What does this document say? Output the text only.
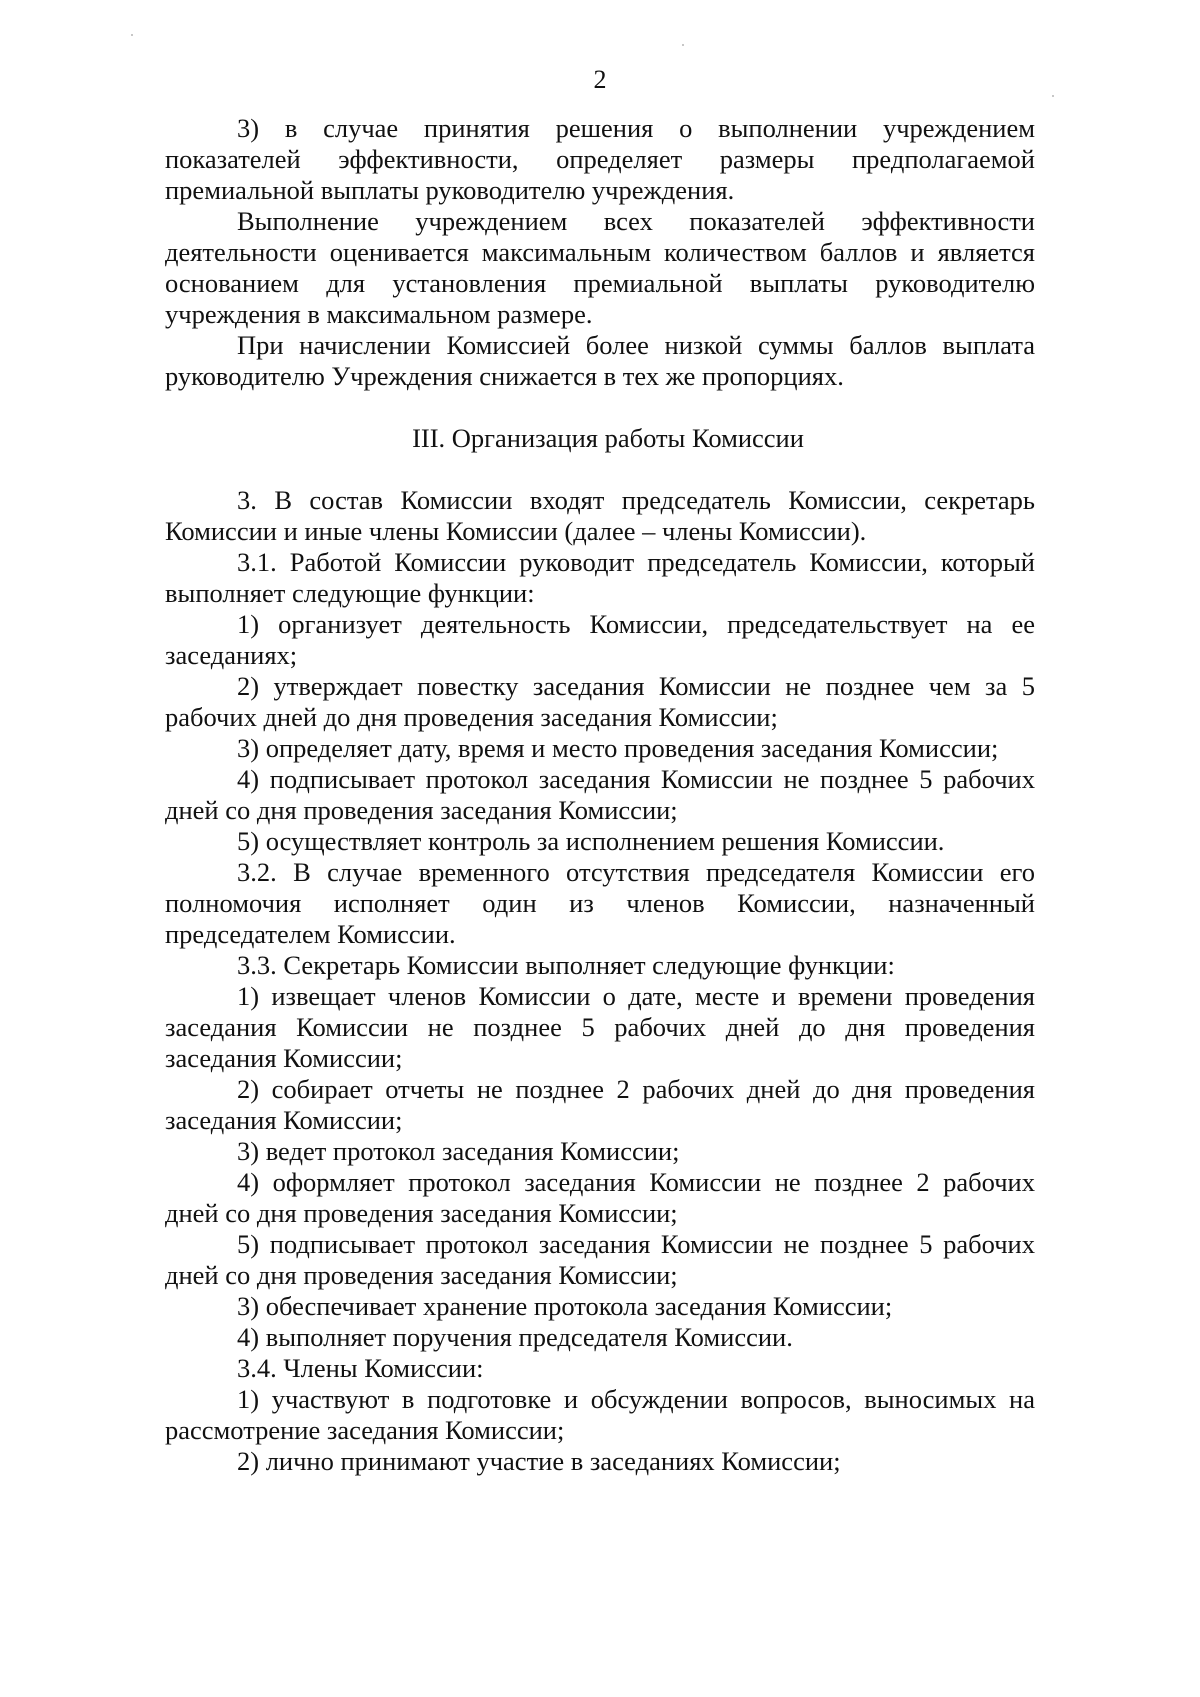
2

3) в случае принятия решения о выполнении учреждением показателей эффективности, определяет размеры предполагаемой премиальной выплаты руководителю учреждения.

Выполнение учреждением всех показателей эффективности деятельности оценивается максимальным количеством баллов и является основанием для установления премиальной выплаты руководителю учреждения в максимальном размере.

При начислении Комиссией более низкой суммы баллов выплата руководителю Учреждения снижается в тех же пропорциях.

III. Организация работы Комиссии

3. В состав Комиссии входят председатель Комиссии, секретарь Комиссии и иные члены Комиссии (далее – члены Комиссии).

3.1. Работой Комиссии руководит председатель Комиссии, который выполняет следующие функции:

1) организует деятельность Комиссии, председательствует на ее заседаниях;

2) утверждает повестку заседания Комиссии не позднее чем за 5 рабочих дней до дня проведения заседания Комиссии;

3) определяет дату, время и место проведения заседания Комиссии;

4) подписывает протокол заседания Комиссии не позднее 5 рабочих дней со дня проведения заседания Комиссии;

5) осуществляет контроль за исполнением решения Комиссии.

3.2. В случае временного отсутствия председателя Комиссии его полномочия исполняет один из членов Комиссии, назначенный председателем Комиссии.

3.3. Секретарь Комиссии выполняет следующие функции:

1) извещает членов Комиссии о дате, месте и времени проведения заседания Комиссии не позднее 5 рабочих дней до дня проведения заседания Комиссии;

2) собирает отчеты не позднее 2 рабочих дней до дня проведения заседания Комиссии;

3) ведет протокол заседания Комиссии;

4) оформляет протокол заседания Комиссии не позднее 2 рабочих дней со дня проведения заседания Комиссии;

5) подписывает протокол заседания Комиссии не позднее 5 рабочих дней со дня проведения заседания Комиссии;

3) обеспечивает хранение протокола заседания Комиссии;

4) выполняет поручения председателя Комиссии.

3.4. Члены Комиссии:

1) участвуют в подготовке и обсуждении вопросов, выносимых на рассмотрение заседания Комиссии;

2) лично принимают участие в заседаниях Комиссии;
